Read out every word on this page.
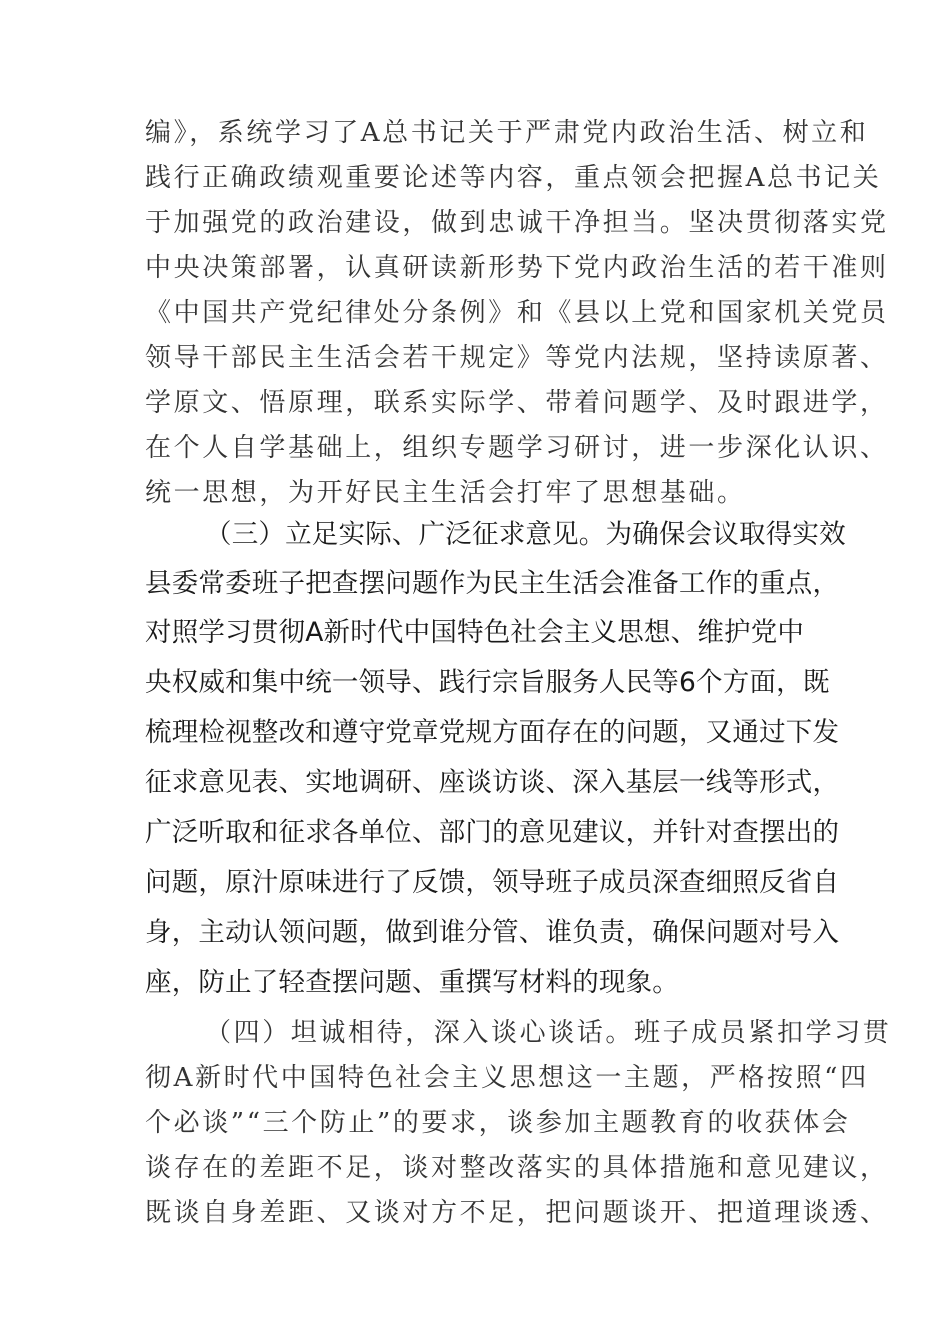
编》，系统学习了A总书记关于严肃党内政治生活、树立和
践行正确政绩观重要论述等内容，重点领会把握A总书记关
于加强党的政治建设，做到忠诚干净担当。坚决贯彻落实党
中央决策部署，认真研读新形势下党内政治生活的若干准则
《中国共产党纪律处分条例》和《县以上党和国家机关党员
领导干部民主生活会若干规定》等党内法规，坚持读原著、
学原文、悟原理，联系实际学、带着问题学、及时跟进学，
在个人自学基础上，组织专题学习研讨，进一步深化认识、
统一思想，为开好民主生活会打牢了思想基础。
（三）立足实际、广泛征求意见。为确保会议取得实效
县委常委班子把查摆问题作为民主生活会准备工作的重点，
对照学习贯彻A新时代中国特色社会主义思想、维护党中
央权威和集中统一领导、践行宗旨服务人民等6个方面，既
梳理检视整改和遵守党章党规方面存在的问题，又通过下发
征求意见表、实地调研、座谈访谈、深入基层一线等形式，
广泛听取和征求各单位、部门的意见建议，并针对查摆出的
问题，原汁原味进行了反馈，领导班子成员深查细照反省自
身，主动认领问题，做到谁分管、谁负责，确保问题对号入
座，防止了轻查摆问题、重撰写材料的现象。
（四）坦诚相待，深入谈心谈话。班子成员紧扣学习贯
彻A新时代中国特色社会主义思想这一主题，严格按照“四
个必谈”“三个防止”的要求，谈参加主题教育的收获体会
谈存在的差距不足，谈对整改落实的具体措施和意见建议，
既谈自身差距、又谈对方不足，把问题谈开、把道理谈透、
